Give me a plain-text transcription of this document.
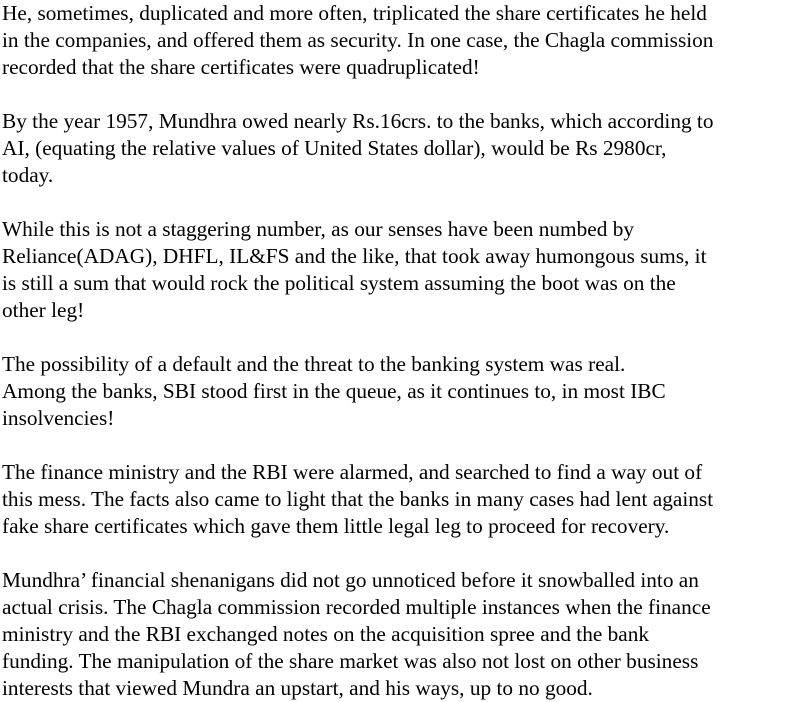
He, sometimes, duplicated and more often, triplicated the share certificates he held
in the companies, and offered them as security. In one case, the Chagla commission
recorded that the share certificates were quadruplicated!

By the year 1957, Mundhra owed nearly Rs.16crs. to the banks, which according to
AI, (equating the relative values of United States dollar), would be Rs 2980cr,
today.

While this is not a staggering number, as our senses have been numbed by
Reliance(ADAG), DHFL, IL&FS and the like, that took away humongous sums, it
is still a sum that would rock the political system assuming the boot was on the
other leg!

The possibility of a default and the threat to the banking system was real.
Among the banks, SBI stood first in the queue, as it continues to, in most IBC
insolvencies!

The finance ministry and the RBI were alarmed, and searched to find a way out of
this mess. The facts also came to light that the banks in many cases had lent against
fake share certificates which gave them little legal leg to proceed for recovery.

Mundhra’ financial shenanigans did not go unnoticed before it snowballed into an
actual crisis. The Chagla commission recorded multiple instances when the finance
ministry and the RBI exchanged notes on the acquisition spree and the bank
funding. The manipulation of the share market was also not lost on other business
interests that viewed Mundra an upstart, and his ways, up to no good.
